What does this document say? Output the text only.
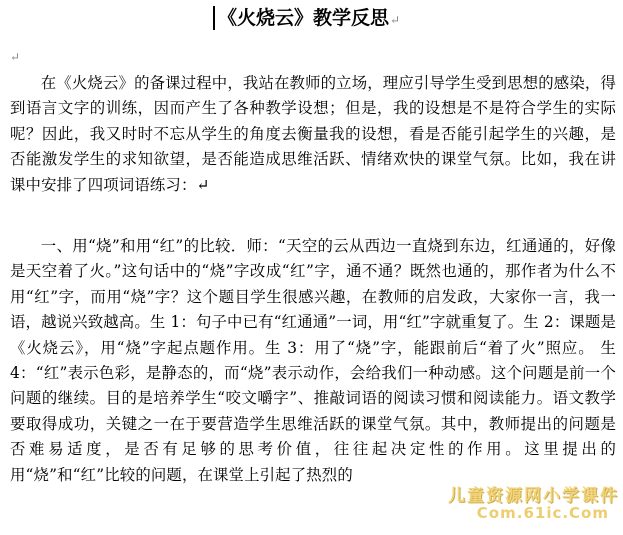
《火烧云》教学反思↵
↵

在《火烧云》的备课过程中，我站在教师的立场，理应引导学生受到思想的感染，得到语言文字的训练，因而产生了各种教学设想；但是，我的设想是不是符合学生的实际呢？因此，我又时时不忘从学生的角度去衡量我的设想，看是否能引起学生的兴趣，是否能激发学生的求知欲望，是否能造成思维活跃、情绪欢快的课堂气氛。比如，我在讲课中安排了四项词语练习：↵

一、用“烧”和用“红”的比较．师：“天空的云从西边一直烧到东边，红通通的，好像是天空着了火。”这句话中的“烧”字改成“红”字，通不通？既然也通的，那作者为什么不用“红”字，而用“烧”字？这个题目学生很感兴趣，在教师的启发政，大家你一言，我一语，越说兴致越高。生 1：句子中已有“红通通”一词，用“红”字就重复了。生 2：课题是《火烧云》，用“烧”字起点题作用。生 3：用了“烧”字，能跟前后“着了火”照应。 生 4：“红”表示色彩，是静态的，而“烧”表示动作，会给我们一种动感。这个问题是前一个问题的继续。目的是培养学生“咬文嚼字”、推敲词语的阅读习惯和阅读能力。语文教学要取得成功，关键之一在于要营造学生思维活跃的课堂气氛。其中，教师提出的问题是否难易适度，是否有足够的思考价值，往往起决定性的作用。这里提出的用“烧”和“红”比较的问题，在课堂上引起了热烈的

儿童资源网小学课件
Com.61ic.Com
